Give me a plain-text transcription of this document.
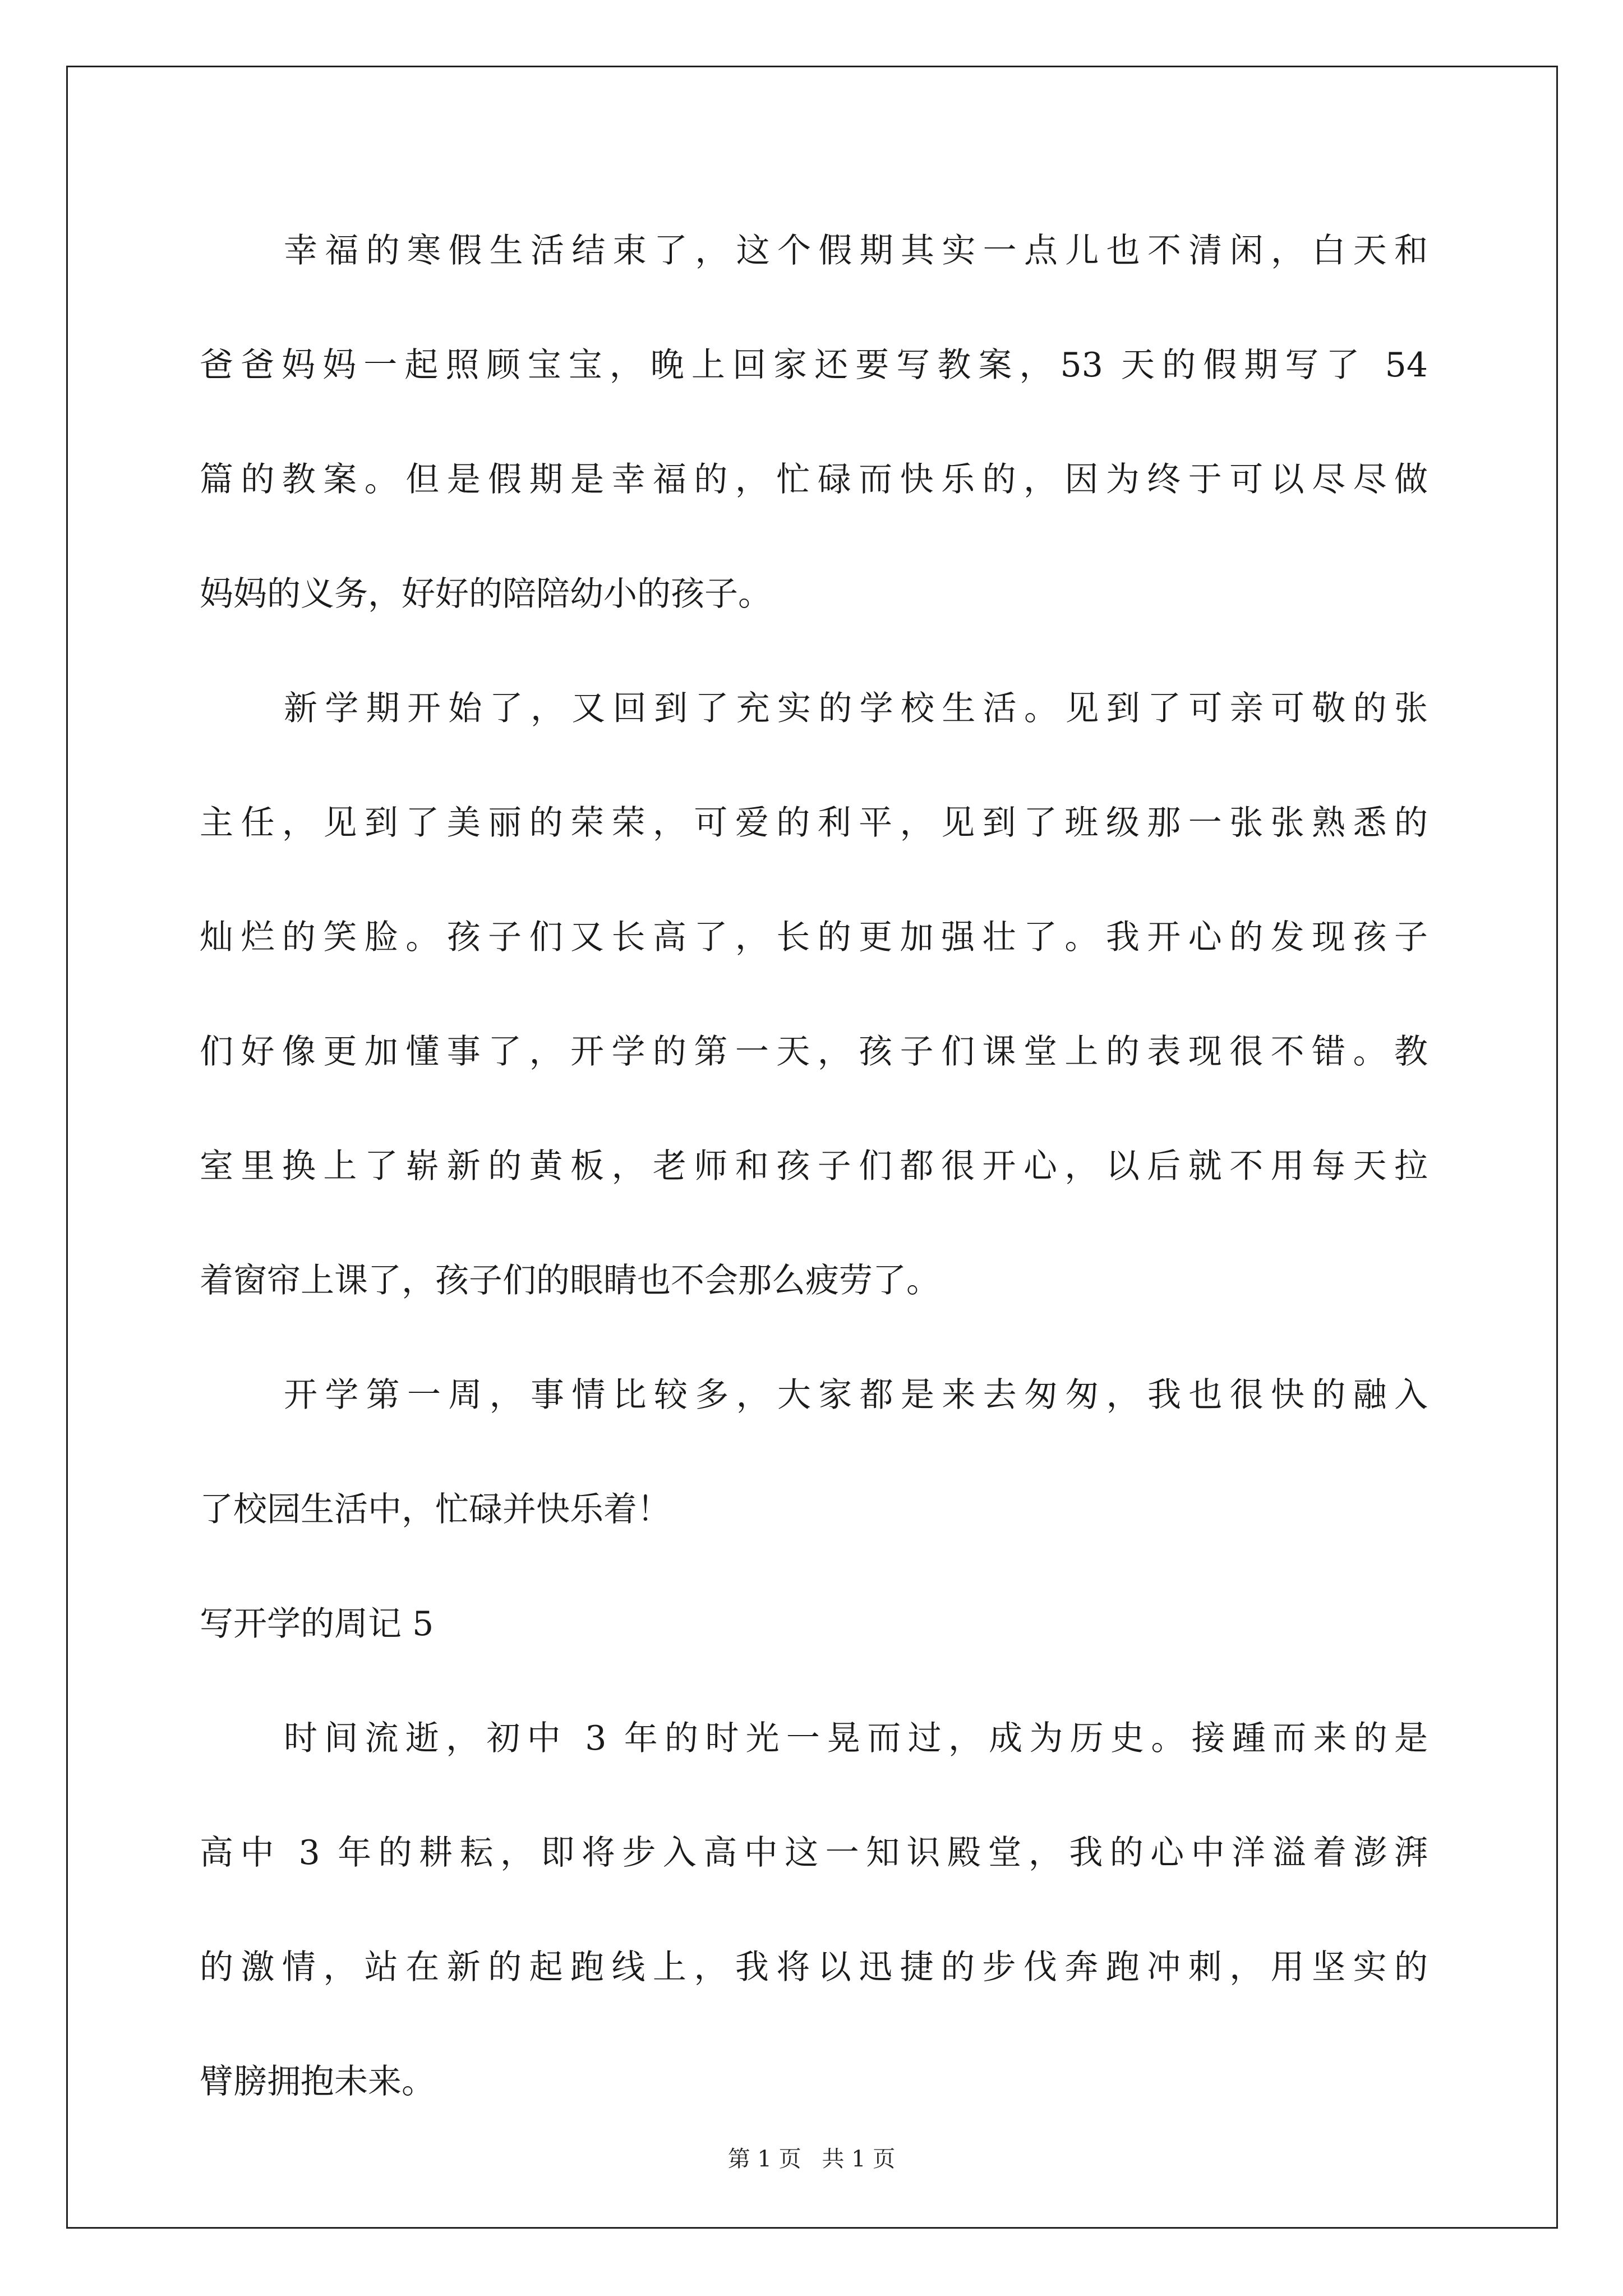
幸福的寒假生活结束了，这个假期其实一点儿也不清闲，白天和
爸爸妈妈一起照顾宝宝，晚上回家还要写教案，53 天的假期写了 54
篇的教案。但是假期是幸福的，忙碌而快乐的，因为终于可以尽尽做
妈妈的义务，好好的陪陪幼小的孩子。
新学期开始了，又回到了充实的学校生活。见到了可亲可敬的张
主任，见到了美丽的荣荣，可爱的利平，见到了班级那一张张熟悉的
灿烂的笑脸。孩子们又长高了，长的更加强壮了。我开心的发现孩子
们好像更加懂事了，开学的第一天，孩子们课堂上的表现很不错。教
室里换上了崭新的黄板，老师和孩子们都很开心，以后就不用每天拉
着窗帘上课了，孩子们的眼睛也不会那么疲劳了。
开学第一周，事情比较多，大家都是来去匆匆，我也很快的融入
了校园生活中，忙碌并快乐着！
写开学的周记 5
时间流逝，初中 3 年的时光一晃而过，成为历史。接踵而来的是
高中 3 年的耕耘，即将步入高中这一知识殿堂，我的心中洋溢着澎湃
的激情，站在新的起跑线上，我将以迅捷的步伐奔跑冲刺，用坚实的
臂膀拥抱未来。
第 1 页 共 1 页
